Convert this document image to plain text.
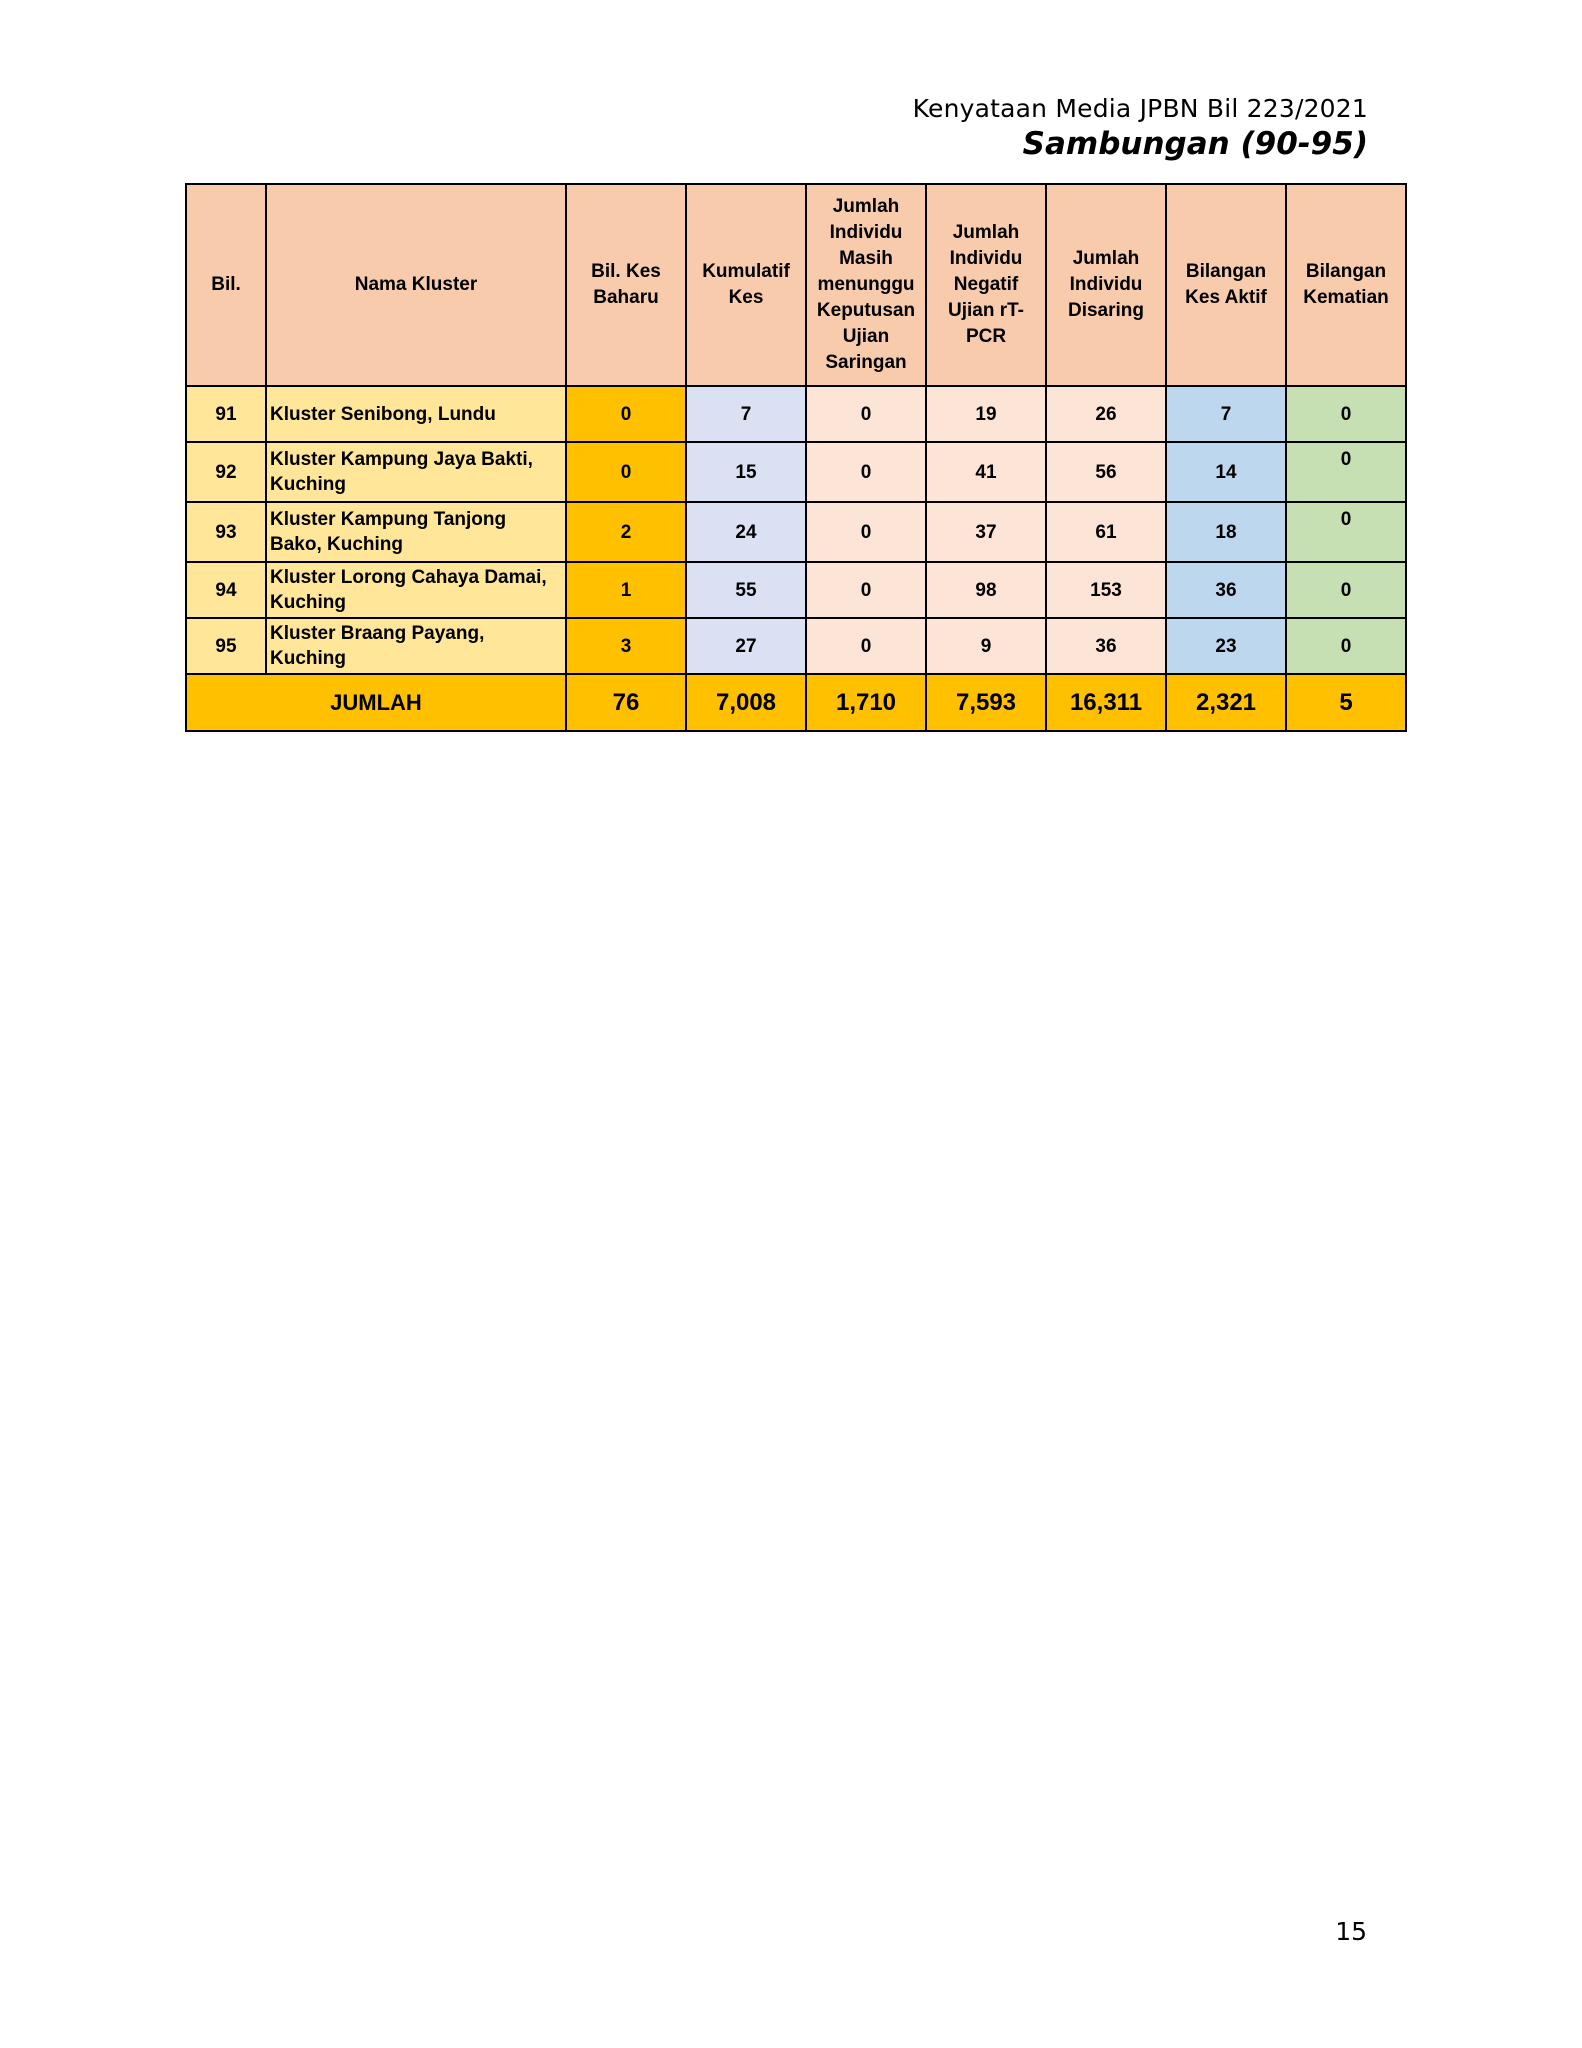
Kenyataan Media JPBN Bil 223/2021
Sambungan (90-95)
Bil.	Nama Kluster	Bil. Kes Baharu	Kumulatif Kes	Jumlah Individu Masih menunggu Keputusan Ujian Saringan	Jumlah Individu Negatif Ujian rT-PCR	Jumlah Individu Disaring	Bilangan Kes Aktif	Bilangan Kematian
91	Kluster Senibong, Lundu	0	7	0	19	26	7	0
92	Kluster Kampung Jaya Bakti, Kuching	0	15	0	41	56	14	0
93	Kluster Kampung Tanjong Bako, Kuching	2	24	0	37	61	18	0
94	Kluster Lorong Cahaya Damai, Kuching	1	55	0	98	153	36	0
95	Kluster Braang Payang, Kuching	3	27	0	9	36	23	0
JUMLAH		76	7,008	1,710	7,593	16,311	2,321	5
15
